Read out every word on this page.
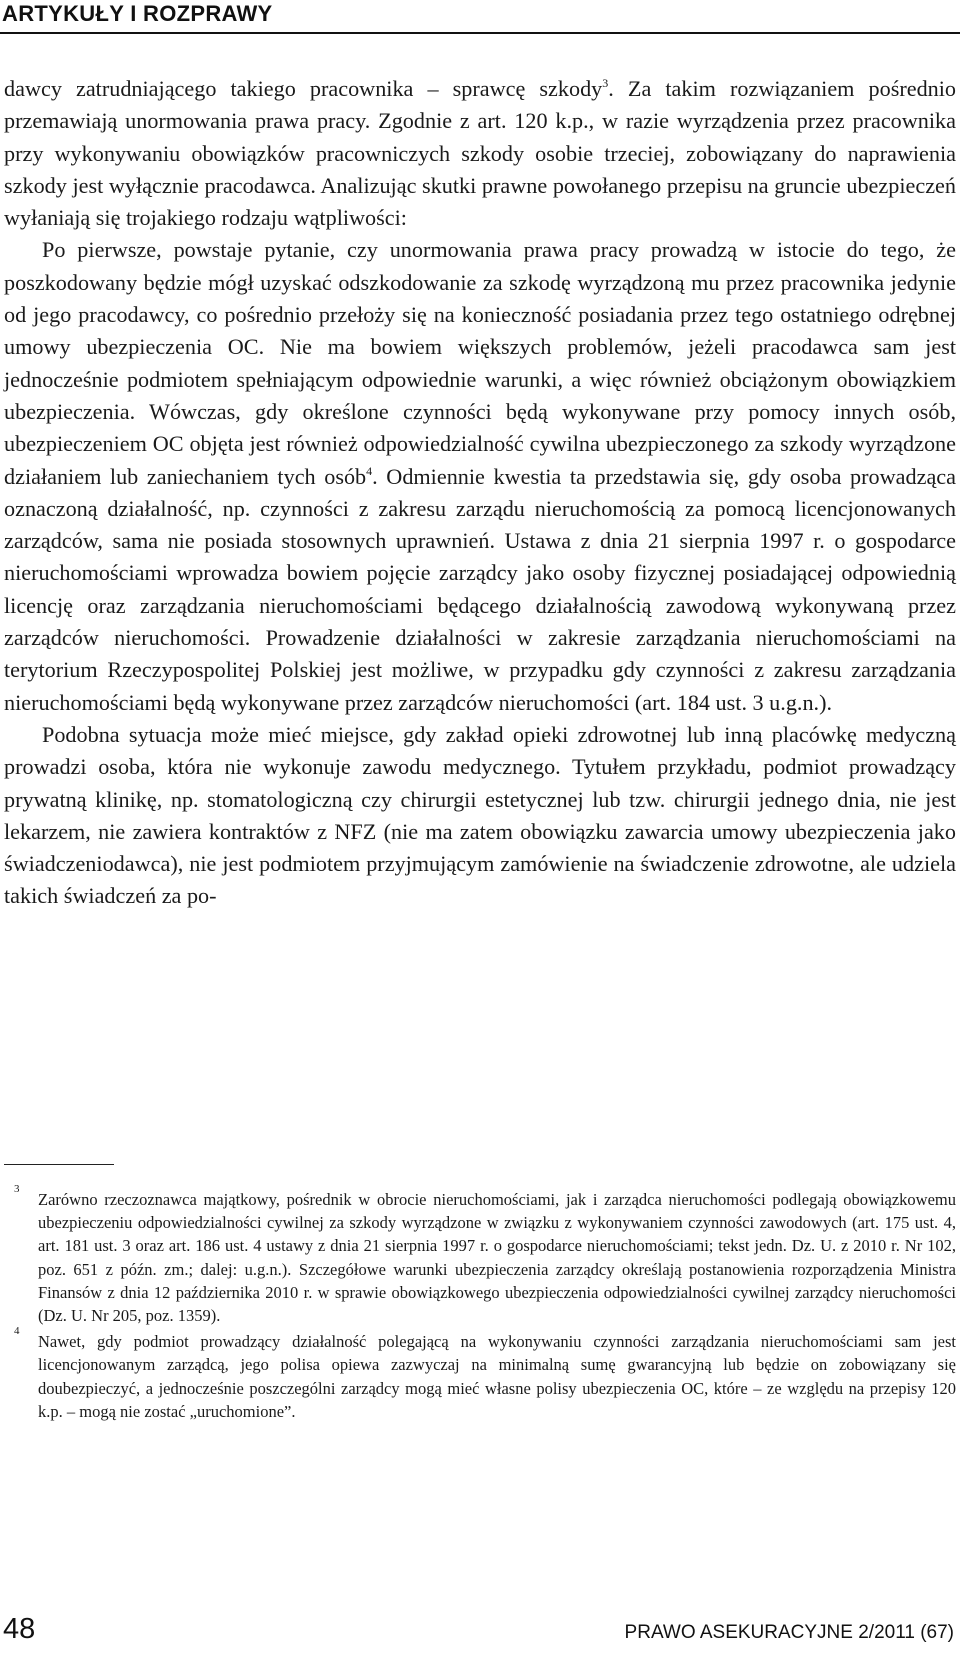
ARTYKUŁY I ROZPRAWY

dawcy zatrudniającego takiego pracownika – sprawcę szkody$^3$. Za takim rozwiązaniem pośrednio przemawiają unormowania prawa pracy. Zgodnie z art. 120 k.p., w razie wyrządzenia przez pracownika przy wykonywaniu obowiązków pracowniczych szkody osobie trzeciej, zobowiązany do naprawienia szkody jest wyłącznie pracodawca. Analizując skutki prawne powołanego przepisu na gruncie ubezpieczeń wyłaniają się trojakiego rodzaju wątpliwości:

Po pierwsze, powstaje pytanie, czy unormowania prawa pracy prowadzą w istocie do tego, że poszkodowany będzie mógł uzyskać odszkodowanie za szkodę wyrządzoną mu przez pracownika jedynie od jego pracodawcy, co pośrednio przełoży się na konieczność posiadania przez tego ostatniego odrębnej umowy ubezpieczenia OC. Nie ma bowiem większych problemów, jeżeli pracodawca sam jest jednocześnie podmiotem spełniającym odpowiednie warunki, a więc również obciążonym obowiązkiem ubezpieczenia. Wówczas, gdy określone czynności będą wykonywane przy pomocy innych osób, ubezpieczeniem OC objęta jest również odpowiedzialność cywilna ubezpieczonego za szkody wyrządzone działaniem lub zaniechaniem tych osób$^4$. Odmiennie kwestia ta przedstawia się, gdy osoba prowadząca oznaczoną działalność, np. czynności z zakresu zarządu nieruchomością za pomocą licencjonowanych zarządców, sama nie posiada stosownych uprawnień. Ustawa z dnia 21 sierpnia 1997 r. o gospodarce nieruchomościami wprowadza bowiem pojęcie zarządcy jako osoby fizycznej posiadającej odpowiednią licencję oraz zarządzania nieruchomościami będącego działalnością zawodową wykonywaną przez zarządców nieruchomości. Prowadzenie działalności w zakresie zarządzania nieruchomościami na terytorium Rzeczypospolitej Polskiej jest możliwe, w przypadku gdy czynności z zakresu zarządzania nieruchomościami będą wykonywane przez zarządców nieruchomości (art. 184 ust. 3 u.g.n.).

Podobna sytuacja może mieć miejsce, gdy zakład opieki zdrowotnej lub inną placówkę medyczną prowadzi osoba, która nie wykonuje zawodu medycznego. Tytułem przykładu, podmiot prowadzący prywatną klinikę, np. stomatologiczną czy chirurgii estetycznej lub tzw. chirurgii jednego dnia, nie jest lekarzem, nie zawiera kontraktów z NFZ (nie ma zatem obowiązku zawarcia umowy ubezpieczenia jako świadczeniodawca), nie jest podmiotem przyjmującym zamówienie na świadczenie zdrowotne, ale udziela takich świadczeń za po-

3
Zarówno rzeczoznawca majątkowy, pośrednik w obrocie nieruchomościami, jak i zarządca nieruchomości podlegają obowiązkowemu ubezpieczeniu odpowiedzialności cywilnej za szkody wyrządzone w związku z wykonywaniem czynności zawodowych (art. 175 ust. 4, art. 181 ust. 3 oraz art. 186 ust. 4 ustawy z dnia 21 sierpnia 1997 r. o gospodarce nieruchomościami; tekst jedn. Dz. U. z 2010 r. Nr 102, poz. 651 z późn. zm.; dalej: u.g.n.). Szczegółowe warunki ubezpieczenia zarządcy określają postanowienia rozporządzenia Ministra Finansów z dnia 12 października 2010 r. w sprawie obowiązkowego ubezpieczenia odpowiedzialności cywilnej zarządcy nieruchomości (Dz. U. Nr 205, poz. 1359).
4
Nawet, gdy podmiot prowadzący działalność polegającą na wykonywaniu czynności zarządzania nieruchomościami sam jest licencjonowanym zarządcą, jego polisa opiewa zazwyczaj na minimalną sumę gwarancyjną lub będzie on zobowiązany się doubezpieczyć, a jednocześnie poszczególni zarządcy mogą mieć własne polisy ubezpieczenia OC, które – ze względu na przepisy 120 k.p. – mogą nie zostać „uruchomione”.
48	PRAWO ASEKURACYJNE 2/2011 (67)
